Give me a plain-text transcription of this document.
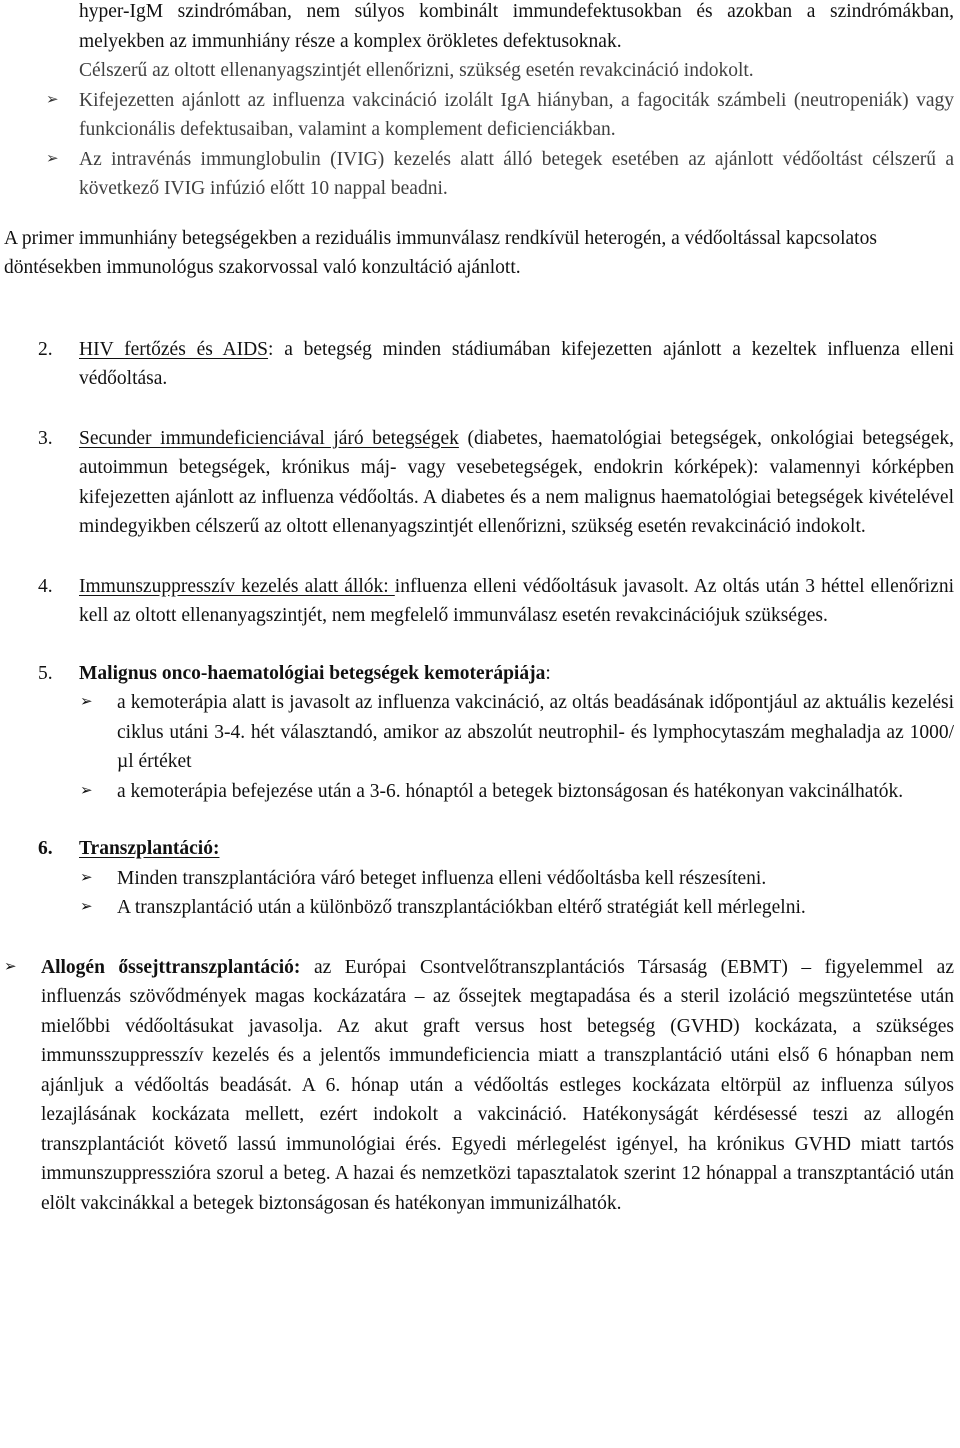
hyper-IgM szindrómában, nem súlyos kombinált immundefektusokban és azokban a szindrómákban, melyekben az immunhiány része a komplex örökletes defektusoknak.
Célszerű az oltott ellenanyagszintjét ellenőrizni, szükség esetén revakcináció indokolt.

➢ Kifejezetten ajánlott az influenza vakcináció izolált IgA hiányban, a fagociták számbeli (neutropeniák) vagy funkcionális defektusaiban, valamint a komplement deficienciákban.
➢ Az intravénás immunglobulin (IVIG) kezelés alatt álló betegek esetében az ajánlott védőoltást célszerű a következő IVIG infúzió előtt 10 nappal beadni.

A primer immunhiány betegségekben a reziduális immunválasz rendkívül heterogén, a védőoltással kapcsolatos döntésekben immunológus szakorvossal való konzultáció ajánlott.

2. HIV fertőzés és AIDS: a betegség minden stádiumában kifejezetten ajánlott a kezeltek influenza elleni védőoltása.
3. Secunder immundeficienciával járó betegségek (diabetes, haematológiai betegségek, onkológiai betegségek, autoimmun betegségek, krónikus máj- vagy vesebetegségek, endokrin kórképek): valamennyi kórképben kifejezetten ajánlott az influenza védőoltás. A diabetes és a nem malignus haematológiai betegségek kivételével mindegyikben célszerű az oltott ellenanyagszintjét ellenőrizni, szükség esetén revakcináció indokolt.
4. Immunszuppresszív kezelés alatt állók: influenza elleni védőoltásuk javasolt. Az oltás után 3 héttel ellenőrizni kell az oltott ellenanyagszintjét, nem megfelelő immunválasz esetén revakcinációjuk szükséges.
5. Malignus onco-haematológiai betegségek kemoterápiája:
➢ a kemoterápia alatt is javasolt az influenza vakcináció, az oltás beadásának időpontjául az aktuális kezelési ciklus utáni 3-4. hét választandó, amikor az abszolút neutrophil- és lymphocytaszám meghaladja az 1000/µl értéket
➢ a kemoterápia befejezése után a 3-6. hónaptól a betegek biztonságosan és hatékonyan vakcinálhatók.
6. Transzplantáció:
➢ Minden transzplantációra váró beteget influenza elleni védőoltásba kell részesíteni.
➢ A transzplantáció után a különböző transzplantációkban eltérő stratégiát kell mérlegelni.
➢ Allogén őssejttranszplantáció: az Európai Csontvelőtranszplantációs Társaság (EBMT) – figyelemmel az influenzás szövődmények magas kockázatára – az őssejtek megtapadása és a steril izoláció megszüntetése után mielőbbi védőoltásukat javasolja. Az akut graft versus host betegség (GVHD) kockázata, a szükséges immunsszuppresszív kezelés és a jelentős immundeficiencia miatt a transzplantáció utáni első 6 hónapban nem ajánljuk a védőoltás beadását. A 6. hónap után a védőoltás estleges kockázata eltörpül az influenza súlyos lezajlásának kockázata mellett, ezért indokolt a vakcináció. Hatékonyságát kérdésessé teszi az allogén transzplantációt követő lassú immunológiai érés. Egyedi mérlegelést igényel, ha krónikus GVHD miatt tartós immunszuppresszióra szorul a beteg. A hazai és nemzetközi tapasztalatok szerint 12 hónappal a transzptantáció után elölt vakcinákkal a betegek biztonságosan és hatékonyan immunizálhatók.
